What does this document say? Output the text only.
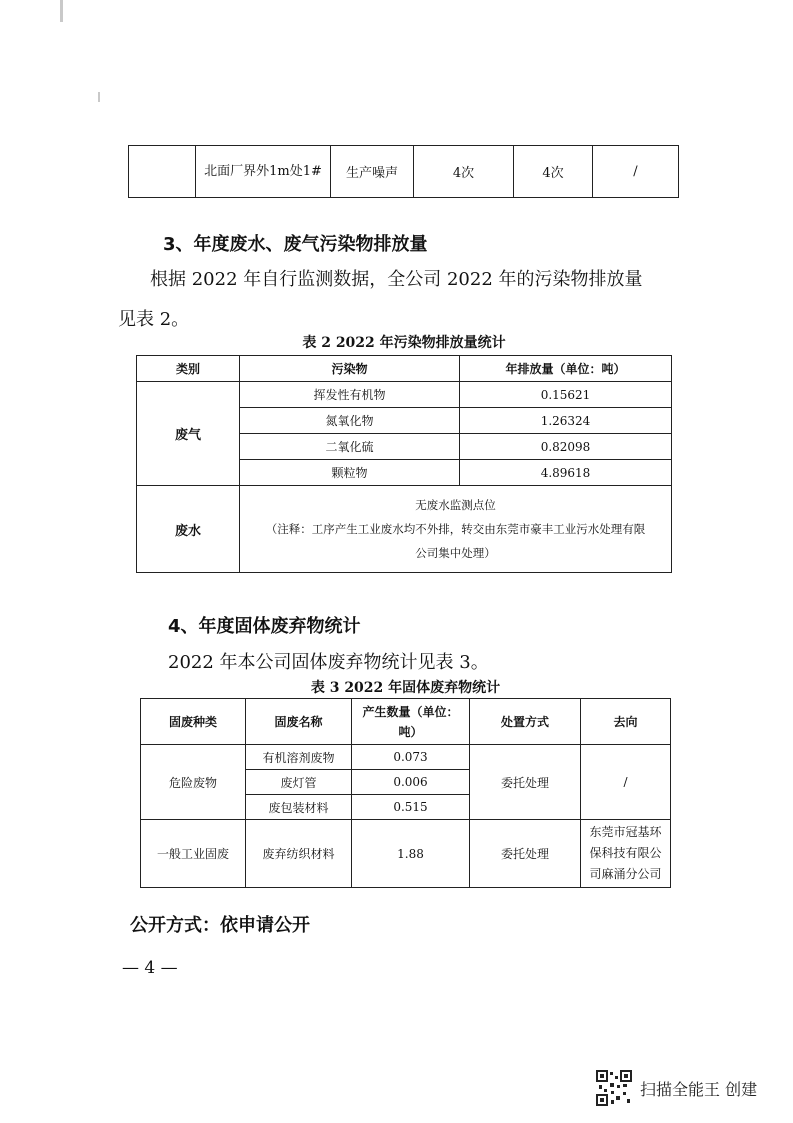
	北面厂界外1m处1#	生产噪声	4次	4次	/
3、年度废水、废气污染物排放量
根据 2022 年自行监测数据，全公司 2022 年的污染物排放量
见表 2。
表 2 2022 年污染物排放量统计
类别	污染物	年排放量（单位：吨）
废气	挥发性有机物	0.15621
	氮氧化物	1.26324
	二氧化硫	0.82098
	颗粒物	4.89618
废水	无废水监测点位
（注释：工序产生工业废水均不外排，转交由东莞市豪丰工业污水处理有限
公司集中处理）	
4、年度固体废弃物统计
2022 年本公司固体废弃物统计见表 3。
表 3 2022 年固体废弃物统计
固废种类	固废名称	产生数量（单位：吨）	处置方式	去向
危险废物	有机溶剂废物	0.073	委托处理	/
	废灯管	0.006		
	废包装材料	0.515		
一般工业固废	废弃纺织材料	1.88	委托处理	东莞市冠基环保科技有限公司麻涌分公司
公开方式：依申请公开
— 4 —
扫描全能王 创建
